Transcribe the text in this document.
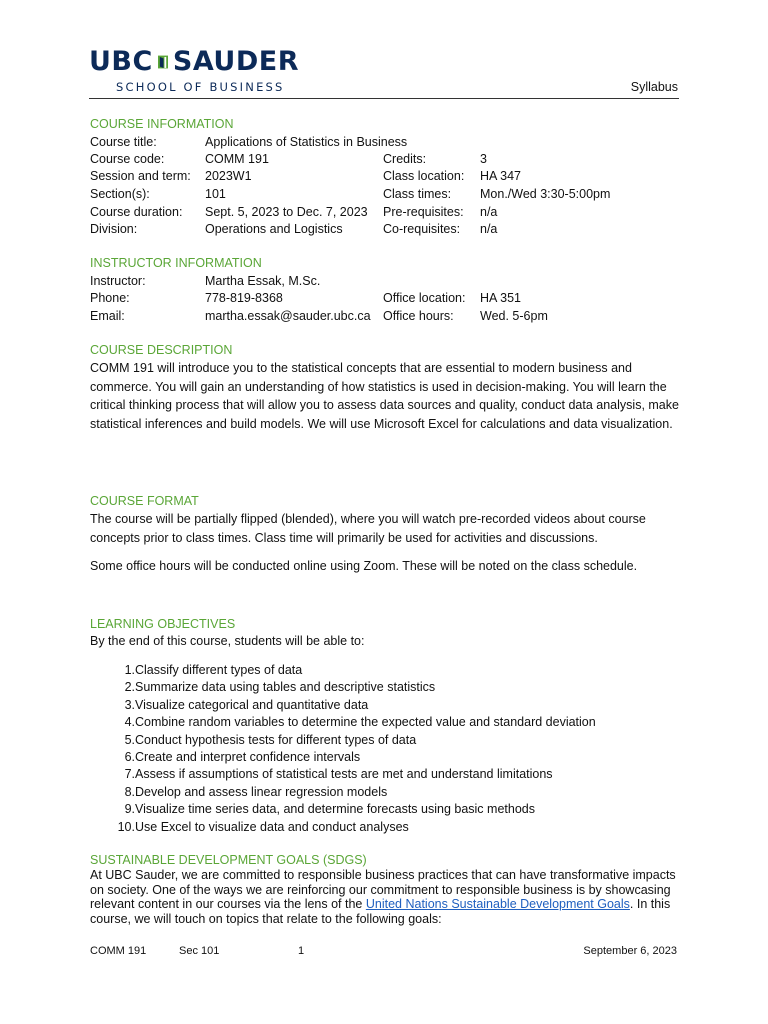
UBC SAUDER
SCHOOL OF BUSINESS	Syllabus
COURSE INFORMATION
Course title:	Applications of Statistics in Business
Course code:	COMM 191	Credits:	3
Session and term: 2023W1	Class location: HA 347
Section(s):	101	Class times: Mon./Wed 3:30-5:00pm
Course duration: Sept. 5, 2023 to Dec. 7, 2023 Pre-requisites: n/a
Division:	Operations and Logistics	Co-requisites: n/a
INSTRUCTOR INFORMATION
Instructor:	Martha Essak, M.Sc.
Phone:	778-819-8368	Office location: HA 351
Email:	martha.essak@sauder.ubc.ca Office hours: Wed. 5-6pm
COURSE DESCRIPTION

COMM 191 will introduce you to the statistical concepts that are essential to modern business and commerce. You will gain an understanding of how statistics is used in decision-making. You will learn the critical thinking process that will allow you to assess data sources and quality, conduct data analysis, make statistical inferences and build models. We will use Microsoft Excel for calculations and data visualization.

COURSE FORMAT

The course will be partially flipped (blended), where you will watch pre-recorded videos about course concepts prior to class times. Class time will primarily be used for activities and discussions.

Some office hours will be conducted online using Zoom. These will be noted on the class schedule.

LEARNING OBJECTIVES
By the end of this course, students will be able to:
1. Classify different types of data
2. Summarize data using tables and descriptive statistics
3. Visualize categorical and quantitative data
4. Combine random variables to determine the expected value and standard deviation
5. Conduct hypothesis tests for different types of data
6. Create and interpret confidence intervals
7. Assess if assumptions of statistical tests are met and understand limitations
8. Develop and assess linear regression models
9. Visualize time series data, and determine forecasts using basic methods
10. Use Excel to visualize data and conduct analyses
SUSTAINABLE DEVELOPMENT GOALS (SDGS)
At UBC Sauder, we are committed to responsible business practices that can have transformative impacts on society. One of the ways we are reinforcing our commitment to responsible business is by showcasing relevant content in our courses via the lens of the United Nations Sustainable Development Goals. In this course, we will touch on topics that relate to the following goals:
COMM 191	Sec 101	1	September 6, 2023
